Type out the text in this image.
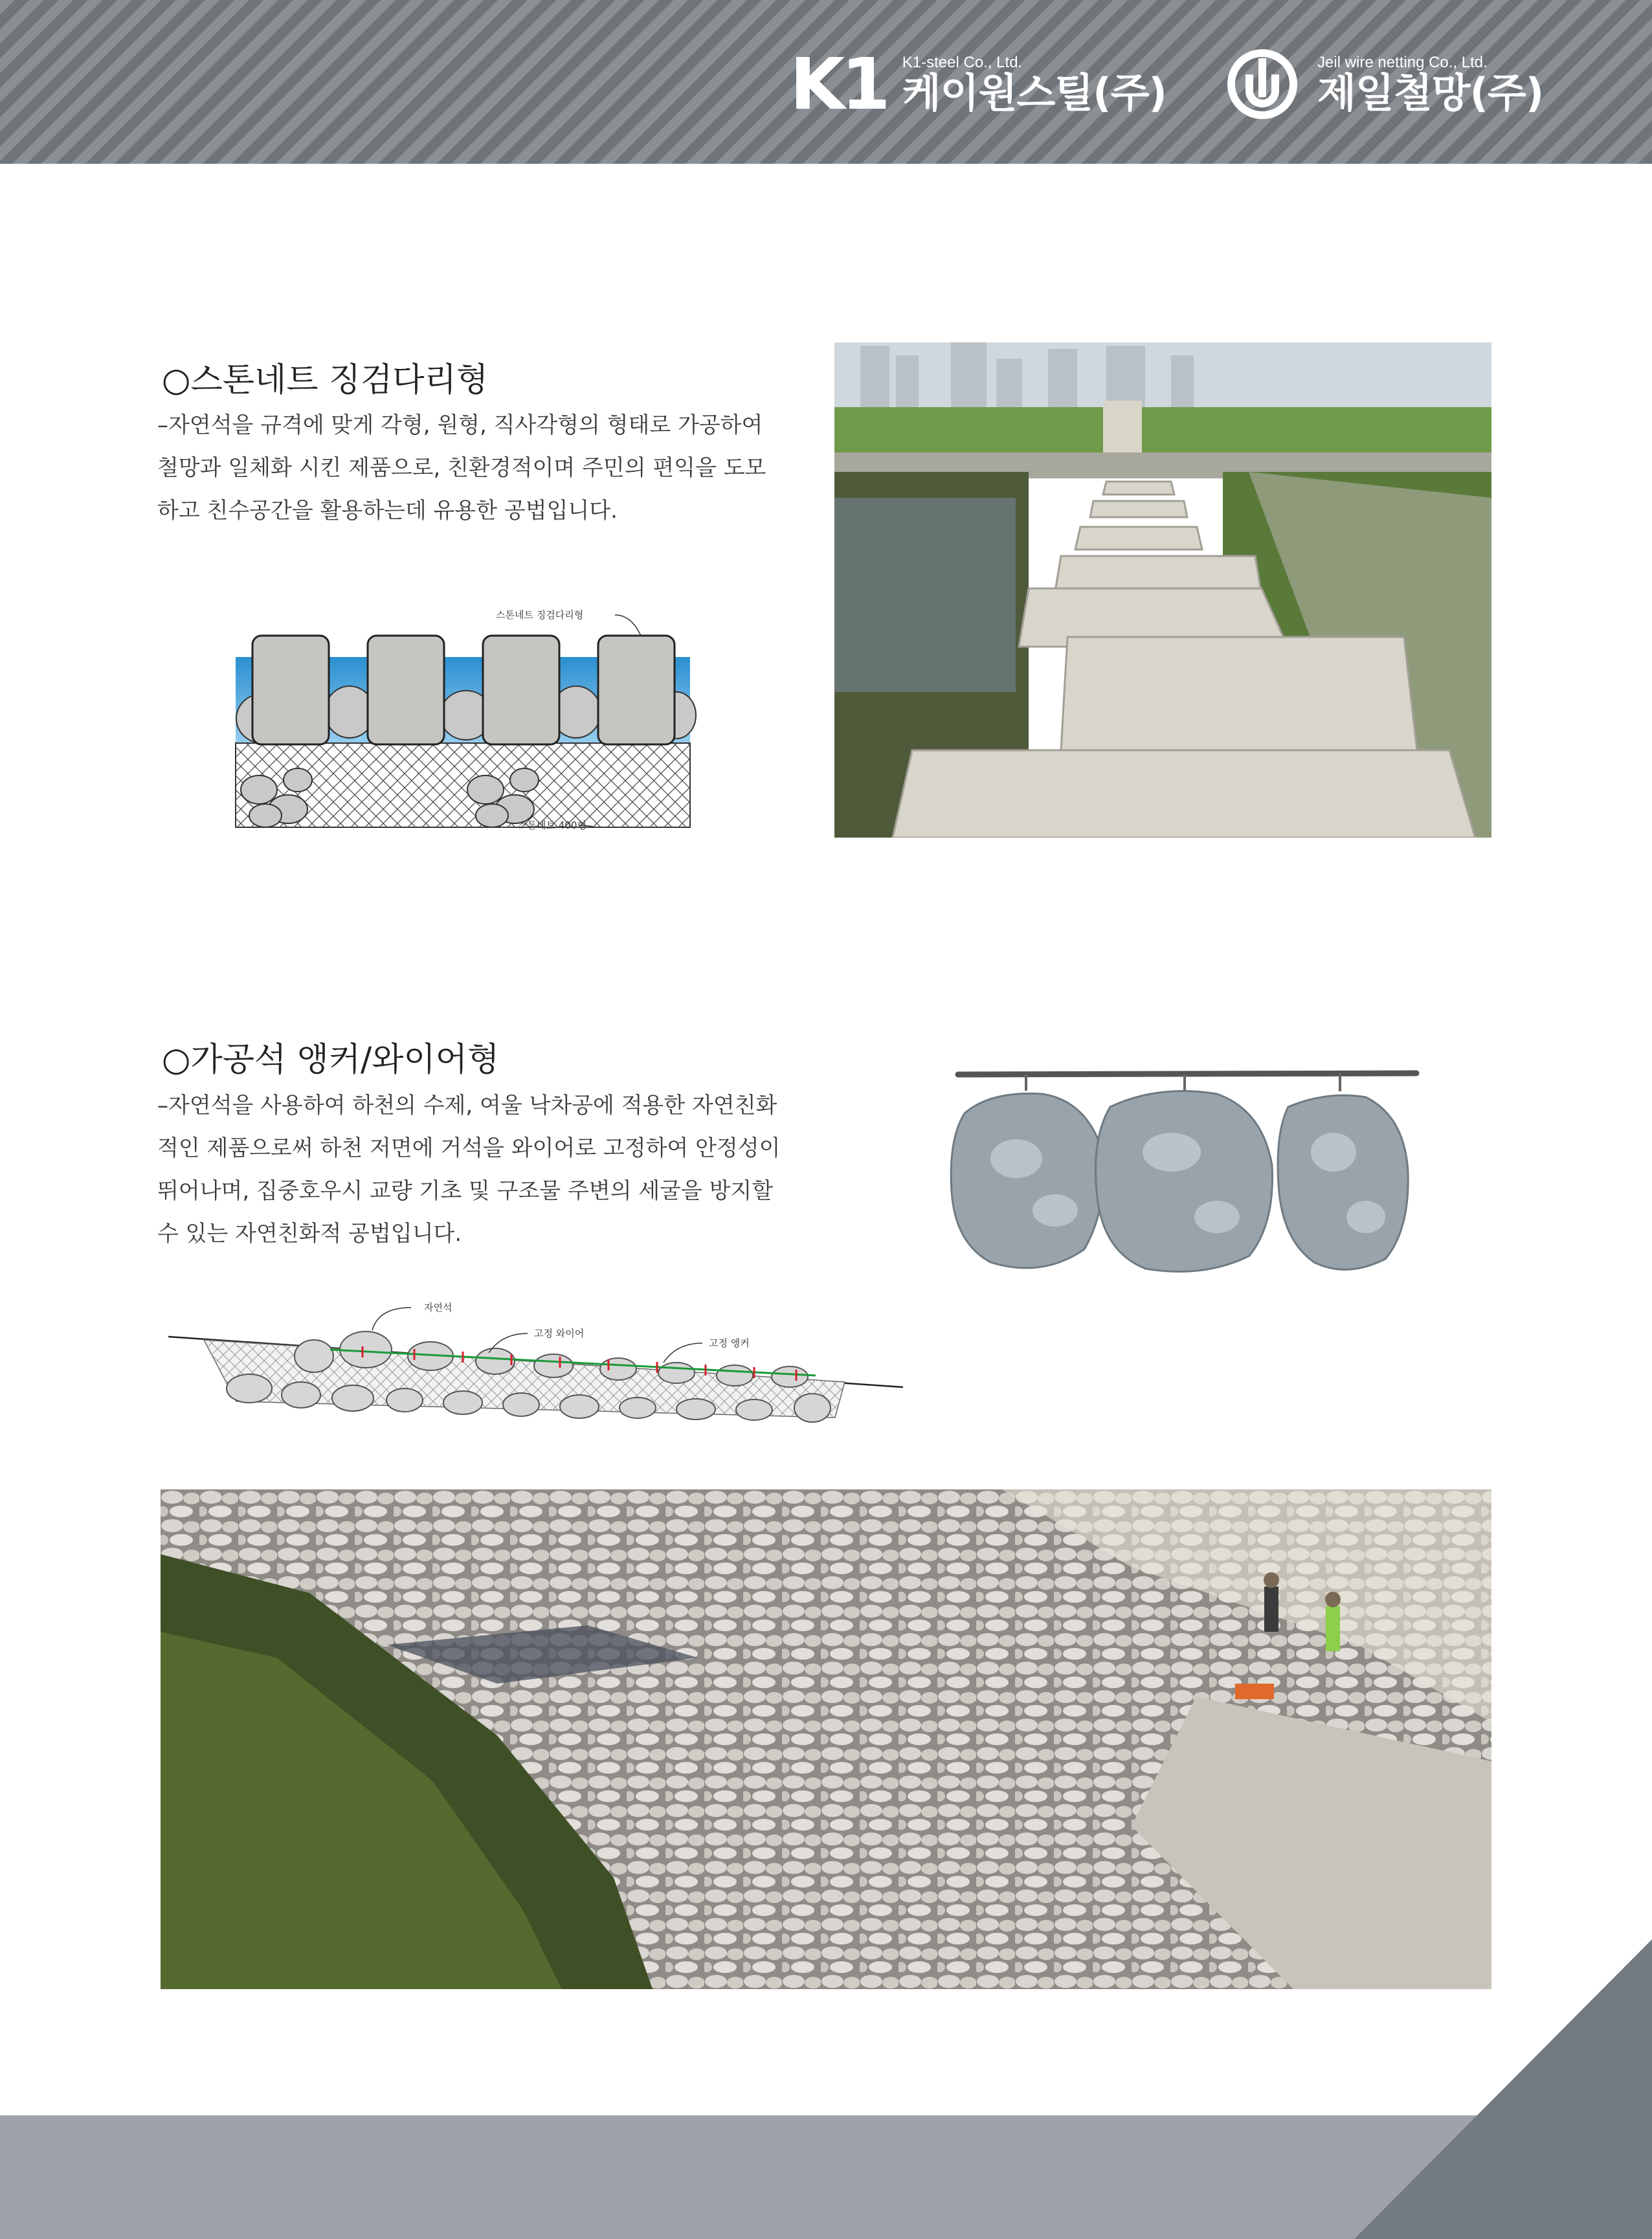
K1 K1-steel Co., Ltd.
케이원스틸(주)
Jeil wire netting Co., Ltd.
제일철망(주)
○스톤네트 징검다리형

–자연석을 규격에 맞게 각형, 원형, 직사각형의 형태로 가공하여

철망과 일체화 시킨 제품으로, 친환경적이며 주민의 편익을 도모

하고 친수공간을 활용하는데 유용한 공법입니다.

스톤네트 징검다리형
스톤네트 400형
○가공석 앵커/와이어형

–자연석을 사용하여 하천의 수제, 여울 낙차공에 적용한 자연친화

적인 제품으로써 하천 저면에 거석을 와이어로 고정하여 안정성이

뛰어나며, 집중호우시 교량 기초 및 구조물 주변의 세굴을 방지할

수 있는 자연친화적 공법입니다.

자연석
고정 와이어
고정 앵커
